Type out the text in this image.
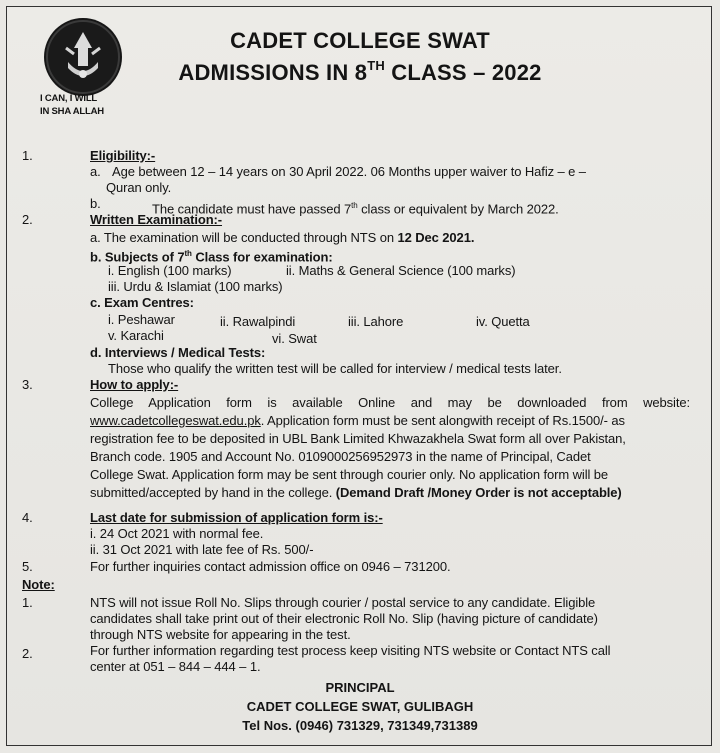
I CAN, I WILL
IN SHA ALLAH
CADET COLLEGE SWAT
ADMISSIONS IN 8TH CLASS – 2022
1.	Eligibility:-
a. Age between 12 – 14 years on 30 April 2022. 06 Months upper waiver to Hafiz – e –
Quran only.
b.	The candidate must have passed 7th class or equivalent by March 2022.
2.	Written Examination:-
a. The examination will be conducted through NTS on 12 Dec 2021.
b. Subjects of 7th Class for examination:
i. English (100 marks)	ii. Maths & General Science (100 marks)
iii. Urdu & Islamiat (100 marks)
c. Exam Centres:
i. Peshawar	ii. Rawalpindi	iii. Lahore	iv. Quetta
v. Karachi	vi. Swat
d. Interviews / Medical Tests:
Those who qualify the written test will be called for interview / medical tests later.
3.	How to apply:-
College Application form is available Online and may be downloaded from website:
www.cadetcollegeswat.edu.pk. Application form must be sent alongwith receipt of Rs.1500/- as
registration fee to be deposited in UBL Bank Limited Khwazakhela Swat form all over Pakistan,
Branch code. 1905 and Account No. 0109000256952973 in the name of Principal, Cadet
College Swat. Application form may be sent through courier only. No application form will be
submitted/accepted by hand in the college. (Demand Draft /Money Order is not acceptable)
4.	Last date for submission of application form is:-
i. 24 Oct 2021 with normal fee.
ii. 31 Oct 2021 with late fee of Rs. 500/-
5.	For further inquiries contact admission office on 0946 – 731200.
Note:
1.	NTS will not issue Roll No. Slips through courier / postal service to any candidate. Eligible
candidates shall take print out of their electronic Roll No. Slip (having picture of candidate)
through NTS website for appearing in the test.
2.	For further information regarding test process keep visiting NTS website or Contact NTS call
center at 051 – 844 – 444 – 1.
PRINCIPAL
CADET COLLEGE SWAT, GULIBAGH
Tel Nos. (0946) 731329, 731349,731389
